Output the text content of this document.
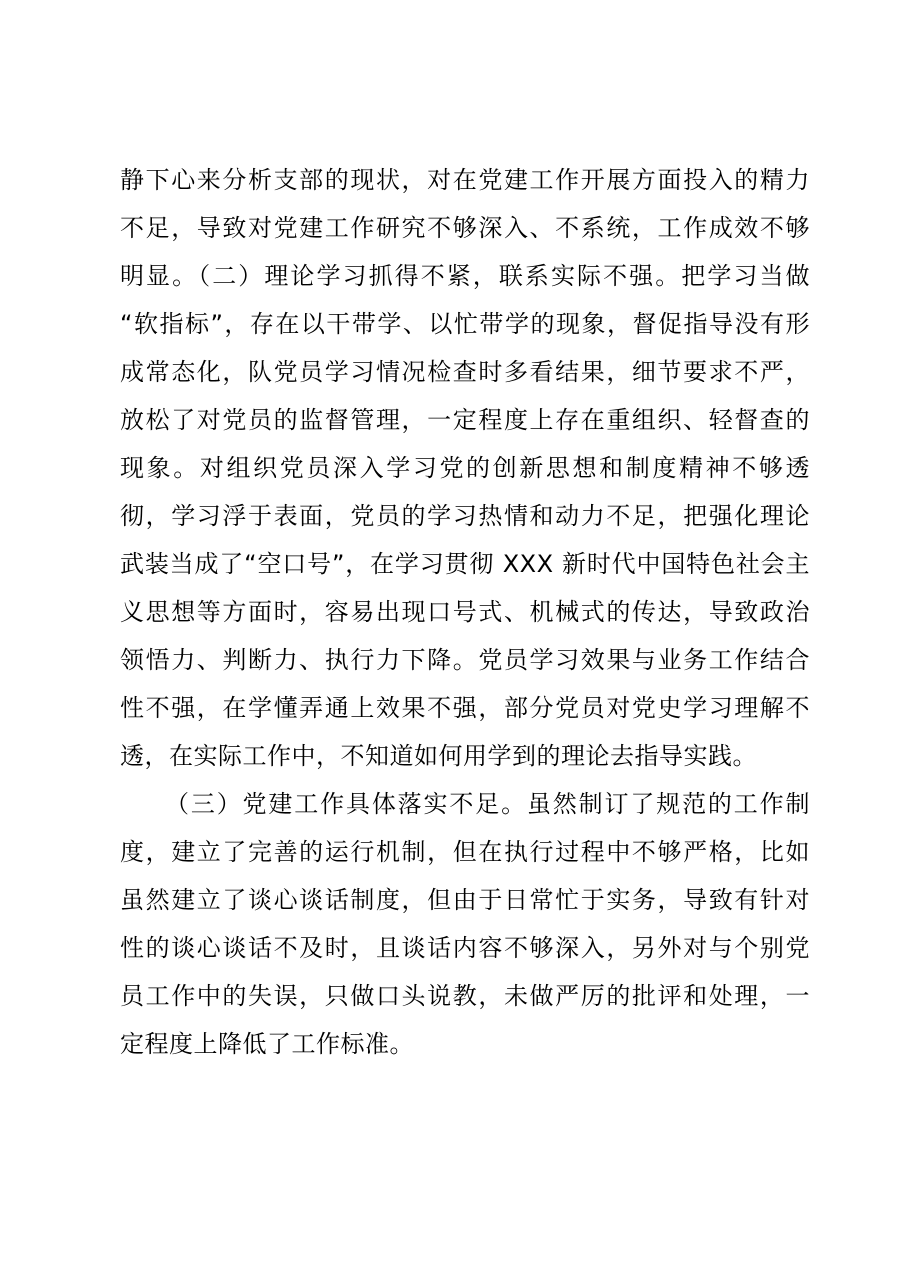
静下心来分析支部的现状，对在党建工作开展方面投入的精力
不足，导致对党建工作研究不够深入、不系统，工作成效不够
明显。（二）理论学习抓得不紧，联系实际不强。把学习当做
“软指标”，存在以干带学、以忙带学的现象，督促指导没有形
成常态化，队党员学习情况检查时多看结果，细节要求不严，
放松了对党员的监督管理，一定程度上存在重组织、轻督查的
现象。对组织党员深入学习党的创新思想和制度精神不够透
彻，学习浮于表面，党员的学习热情和动力不足，把强化理论
武装当成了“空口号”，在学习贯彻 XXX 新时代中国特色社会主
义思想等方面时，容易出现口号式、机械式的传达，导致政治
领悟力、判断力、执行力下降。党员学习效果与业务工作结合
性不强，在学懂弄通上效果不强，部分党员对党史学习理解不
透，在实际工作中，不知道如何用学到的理论去指导实践。
（三）党建工作具体落实不足。虽然制订了规范的工作制
度，建立了完善的运行机制，但在执行过程中不够严格，比如
虽然建立了谈心谈话制度，但由于日常忙于实务，导致有针对
性的谈心谈话不及时，且谈话内容不够深入，另外对与个别党
员工作中的失误，只做口头说教，未做严厉的批评和处理，一
定程度上降低了工作标准。
